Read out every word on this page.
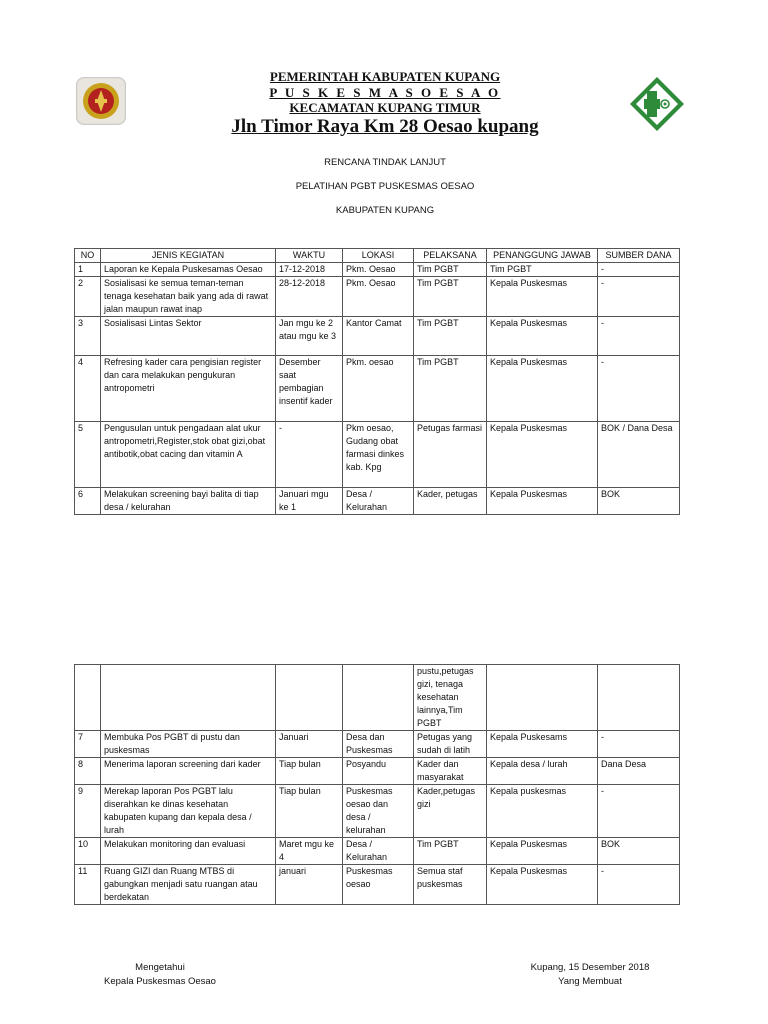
PEMERINTAH KABUPATEN KUPANG
P U S K E S M A S O E S A O
KECAMATAN KUPANG TIMUR
Jln Timor Raya Km 28 Oesao kupang
RENCANA TINDAK LANJUT
PELATIHAN PGBT PUSKESMAS OESAO
KABUPATEN KUPANG
NO	JENIS KEGIATAN	WAKTU	LOKASI	PELAKSANA	PENANGGUNG JAWAB	SUMBER DANA
1	Laporan ke Kepala Puskesamas Oesao	17-12-2018	Pkm. Oesao	Tim PGBT	Tim PGBT	-
2	Sosialisasi ke semua teman-teman tenaga kesehatan baik yang ada di rawat jalan maupun rawat inap	28-12-2018	Pkm. Oesao	Tim PGBT	Kepala Puskesmas	-
3	Sosialisasi Lintas Sektor	Jan mgu ke 2 atau mgu ke 3	Kantor Camat	Tim PGBT	Kepala Puskesmas	-
4	Refresing kader cara pengisian register dan cara melakukan pengukuran antropometri	Desember saat pembagian insentif kader	Pkm. oesao	Tim PGBT	Kepala Puskesmas	-
5	Pengusulan untuk pengadaan alat ukur antropometri,Register,stok obat gizi,obat antibotik,obat cacing dan vitamin A	-	Pkm oesao, Gudang obat farmasi dinkes kab. Kpg	Petugas farmasi	Kepala Puskesmas	BOK / Dana Desa
6	Melakukan screening bayi balita di tiap desa / kelurahan	Januari mgu ke 1	Desa / Kelurahan	Kader, petugas	Kepala Puskesmas	BOK
				pustu,petugas gizi, tenaga kesehatan lainnya,Tim PGBT		
7	Membuka Pos PGBT di pustu dan puskesmas	Januari	Desa dan Puskesmas	Petugas yang sudah di latih	Kepala Puskesams	-
8	Menerima laporan screening dari kader	Tiap bulan	Posyandu	Kader dan masyarakat	Kepala desa / lurah	Dana Desa
9	Merekap laporan Pos PGBT lalu diserahkan ke dinas kesehatan kabupaten kupang dan kepala desa / lurah	Tiap bulan	Puskesmas oesao dan desa / kelurahan	Kader,petugas gizi	Kepala puskesmas	-
10	Melakukan monitoring dan evaluasi	Maret mgu ke 4	Desa / Kelurahan	Tim PGBT	Kepala Puskesmas	BOK
11	Ruang GIZI dan Ruang MTBS di gabungkan menjadi satu ruangan atau berdekatan	januari	Puskesmas oesao	Semua staf puskesmas	Kepala Puskesmas	-
Mengetahui
Kepala Puskesmas Oesao
Kupang, 15 Desember 2018
Yang Membuat
